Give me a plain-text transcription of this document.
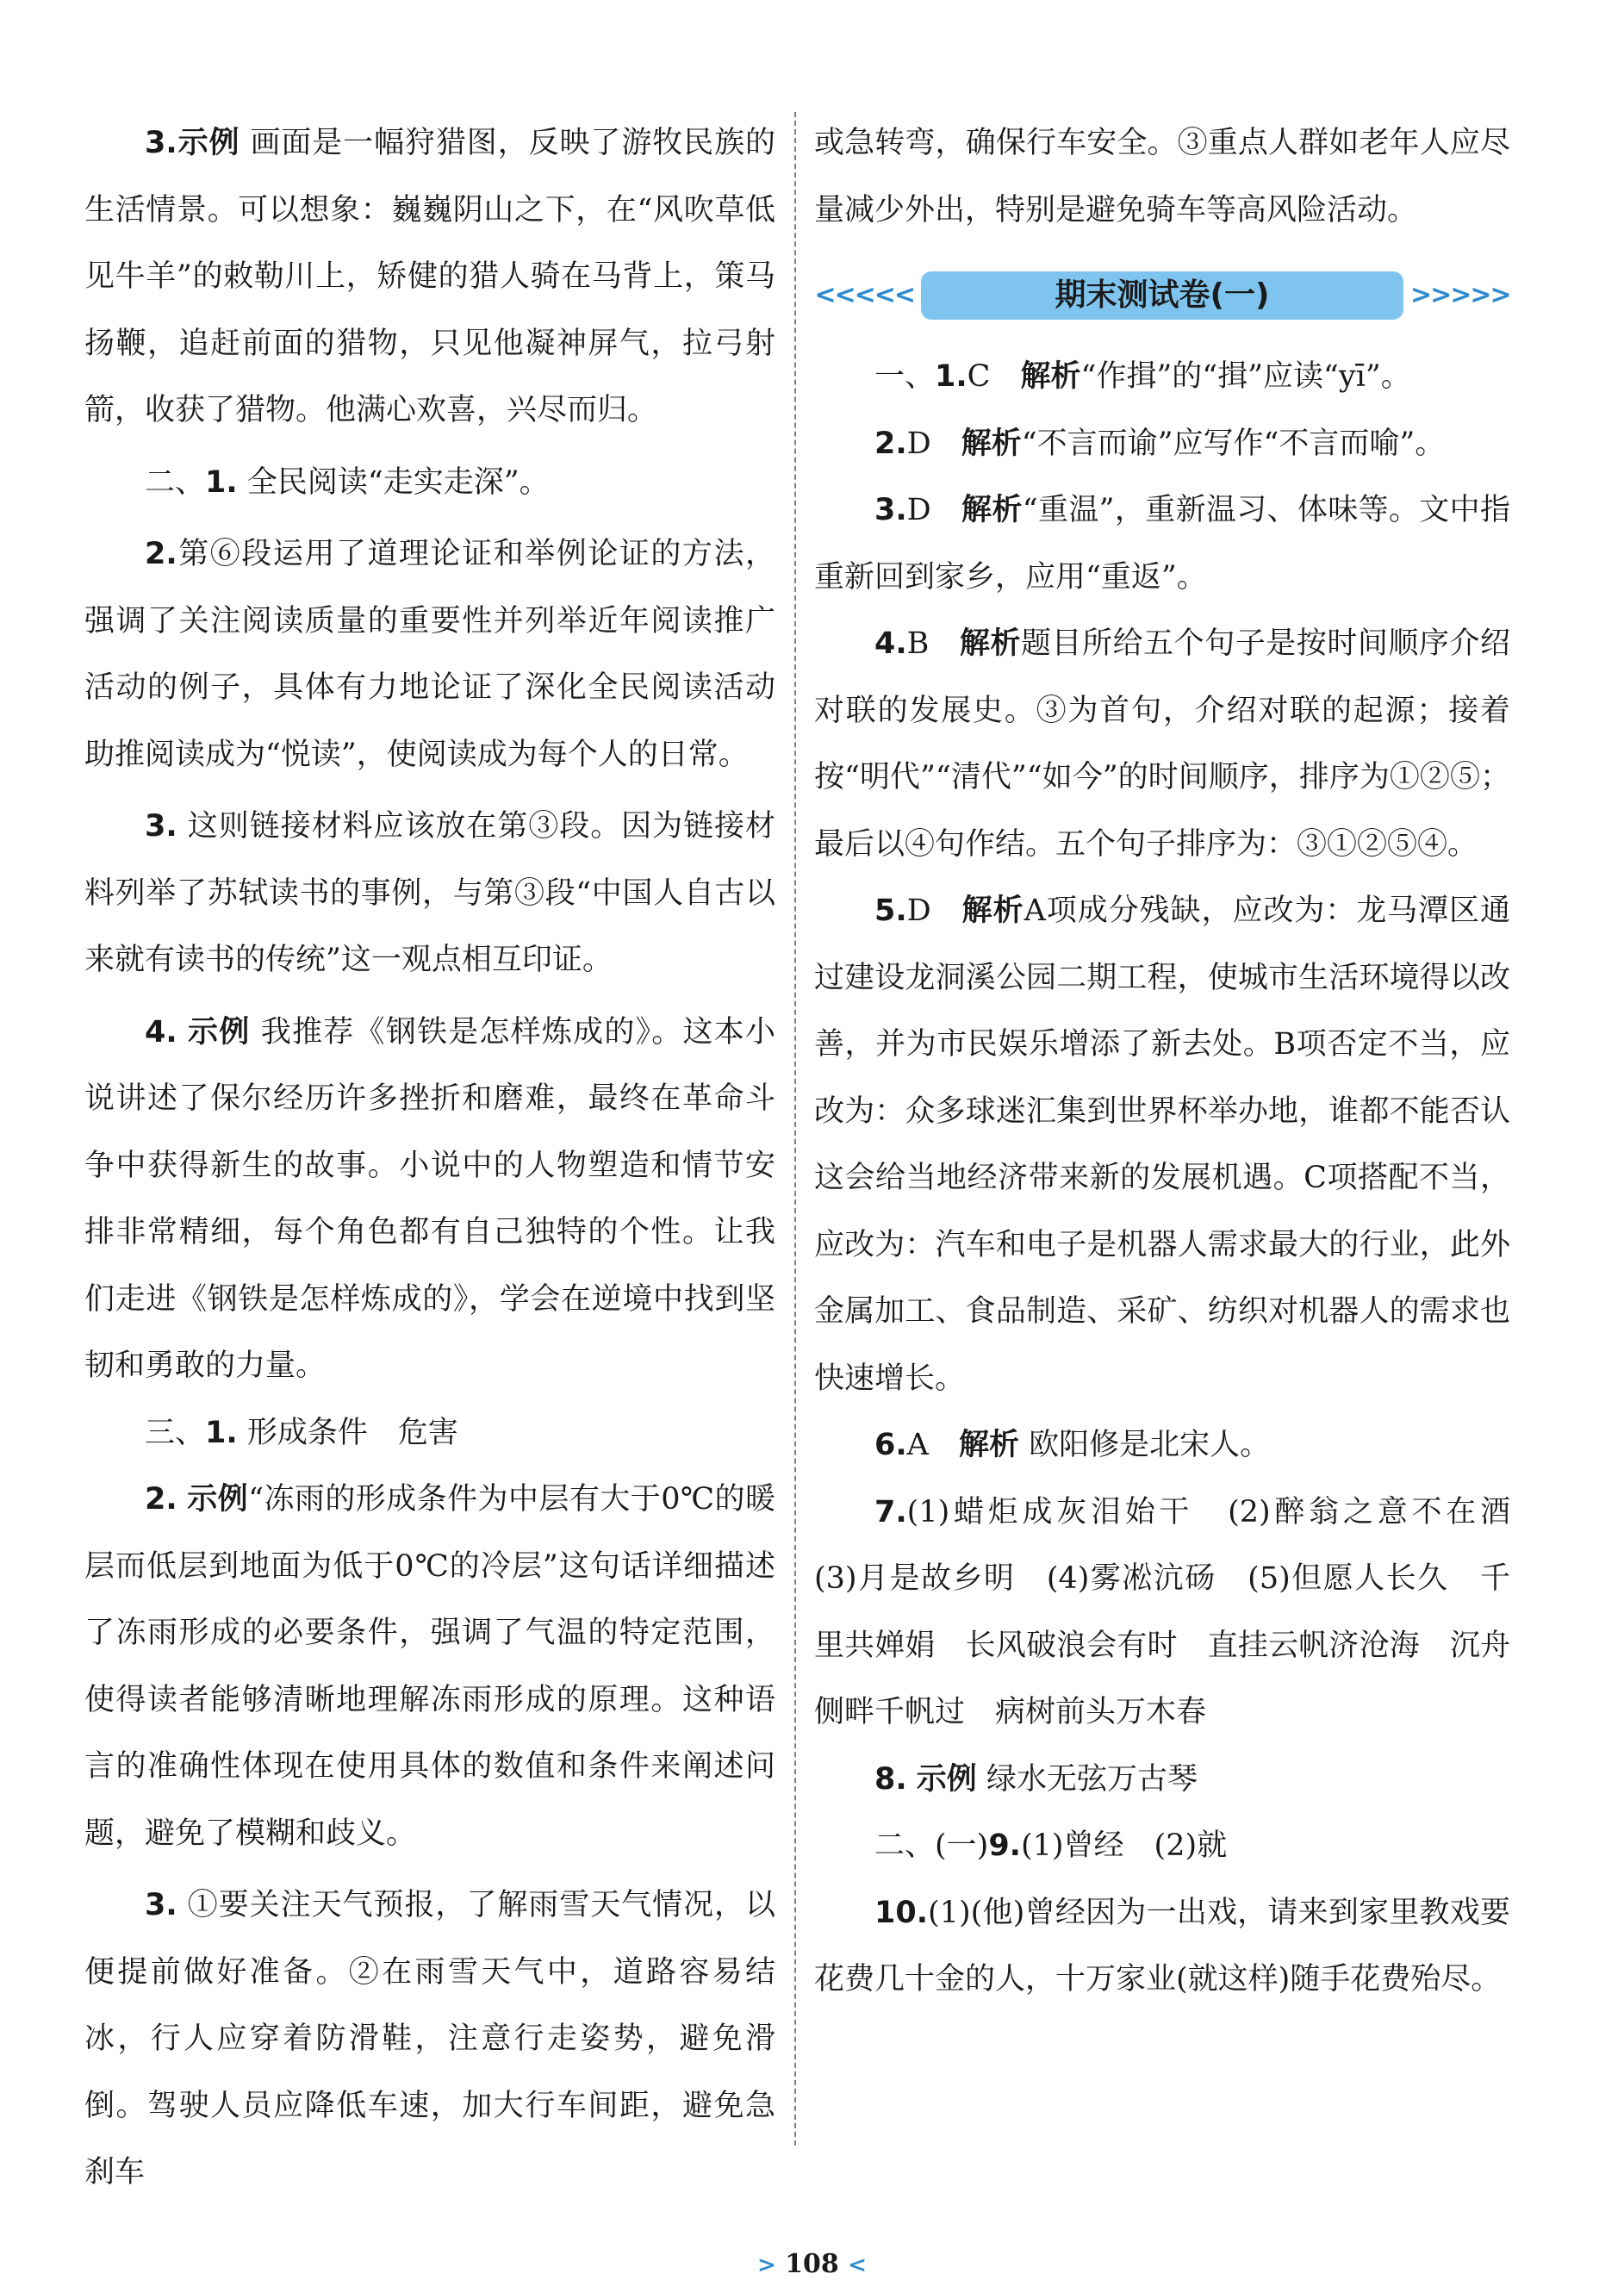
3.示例 画面是一幅狩猎图，反映了游牧民族的生活情景。可以想象：巍巍阴山之下，在“风吹草低见牛羊”的敕勒川上，矫健的猎人骑在马背上，策马扬鞭，追赶前面的猎物，只见他凝神屏气，拉弓射箭，收获了猎物。他满心欢喜，兴尽而归。

二、1. 全民阅读“走实走深”。

2.第⑥段运用了道理论证和举例论证的方法，强调了关注阅读质量的重要性并列举近年阅读推广活动的例子，具体有力地论证了深化全民阅读活动助推阅读成为“悦读”，使阅读成为每个人的日常。

3. 这则链接材料应该放在第③段。因为链接材料列举了苏轼读书的事例，与第③段“中国人自古以来就有读书的传统”这一观点相互印证。

4. 示例 我推荐《钢铁是怎样炼成的》。这本小说讲述了保尔经历许多挫折和磨难，最终在革命斗争中获得新生的故事。小说中的人物塑造和情节安排非常精细，每个角色都有自己独特的个性。让我们走进《钢铁是怎样炼成的》，学会在逆境中找到坚韧和勇敢的力量。

三、1. 形成条件　危害

2. 示例“冻雨的形成条件为中层有大于0℃的暖层而低层到地面为低于0℃的冷层”这句话详细描述了冻雨形成的必要条件，强调了气温的特定范围，使得读者能够清晰地理解冻雨形成的原理。这种语言的准确性体现在使用具体的数值和条件来阐述问题，避免了模糊和歧义。

3. ①要关注天气预报，了解雨雪天气情况，以便提前做好准备。②在雨雪天气中，道路容易结冰，行人应穿着防滑鞋，注意行走姿势，避免滑倒。驾驶人员应降低车速，加大行车间距，避免急刹车

或急转弯，确保行车安全。③重点人群如老年人应尽量减少外出，特别是避免骑车等高风险活动。

<<<<<	期末测试卷(一)	>>>>>

一、1.C 解析“作揖”的“揖”应读“yī”。

2.D 解析“不言而谕”应写作“不言而喻”。

3.D 解析“重温”，重新温习、体味等。文中指重新回到家乡，应用“重返”。

4.B 解析题目所给五个句子是按时间顺序介绍对联的发展史。③为首句，介绍对联的起源；接着按“明代”“清代”“如今”的时间顺序，排序为①②⑤；最后以④句作结。五个句子排序为：③①②⑤④。

5.D 解析A项成分残缺，应改为：龙马潭区通过建设龙洞溪公园二期工程，使城市生活环境得以改善，并为市民娱乐增添了新去处。B项否定不当，应改为：众多球迷汇集到世界杯举办地，谁都不能否认这会给当地经济带来新的发展机遇。C项搭配不当，应改为：汽车和电子是机器人需求最大的行业，此外金属加工、食品制造、采矿、纺织对机器人的需求也快速增长。

6.A 解析 欧阳修是北宋人。

7.(1)蜡炬成灰泪始干　(2)醉翁之意不在酒　(3)月是故乡明　(4)雾凇沆砀　(5)但愿人长久　千里共婵娟　长风破浪会有时　直挂云帆济沧海　沉舟侧畔千帆过　病树前头万木春

8. 示例 绿水无弦万古琴

二、(一)9.(1)曾经　(2)就

10.(1)(他)曾经因为一出戏，请来到家里教戏要花费几十金的人，十万家业(就这样)随手花费殆尽。

> 108 <
